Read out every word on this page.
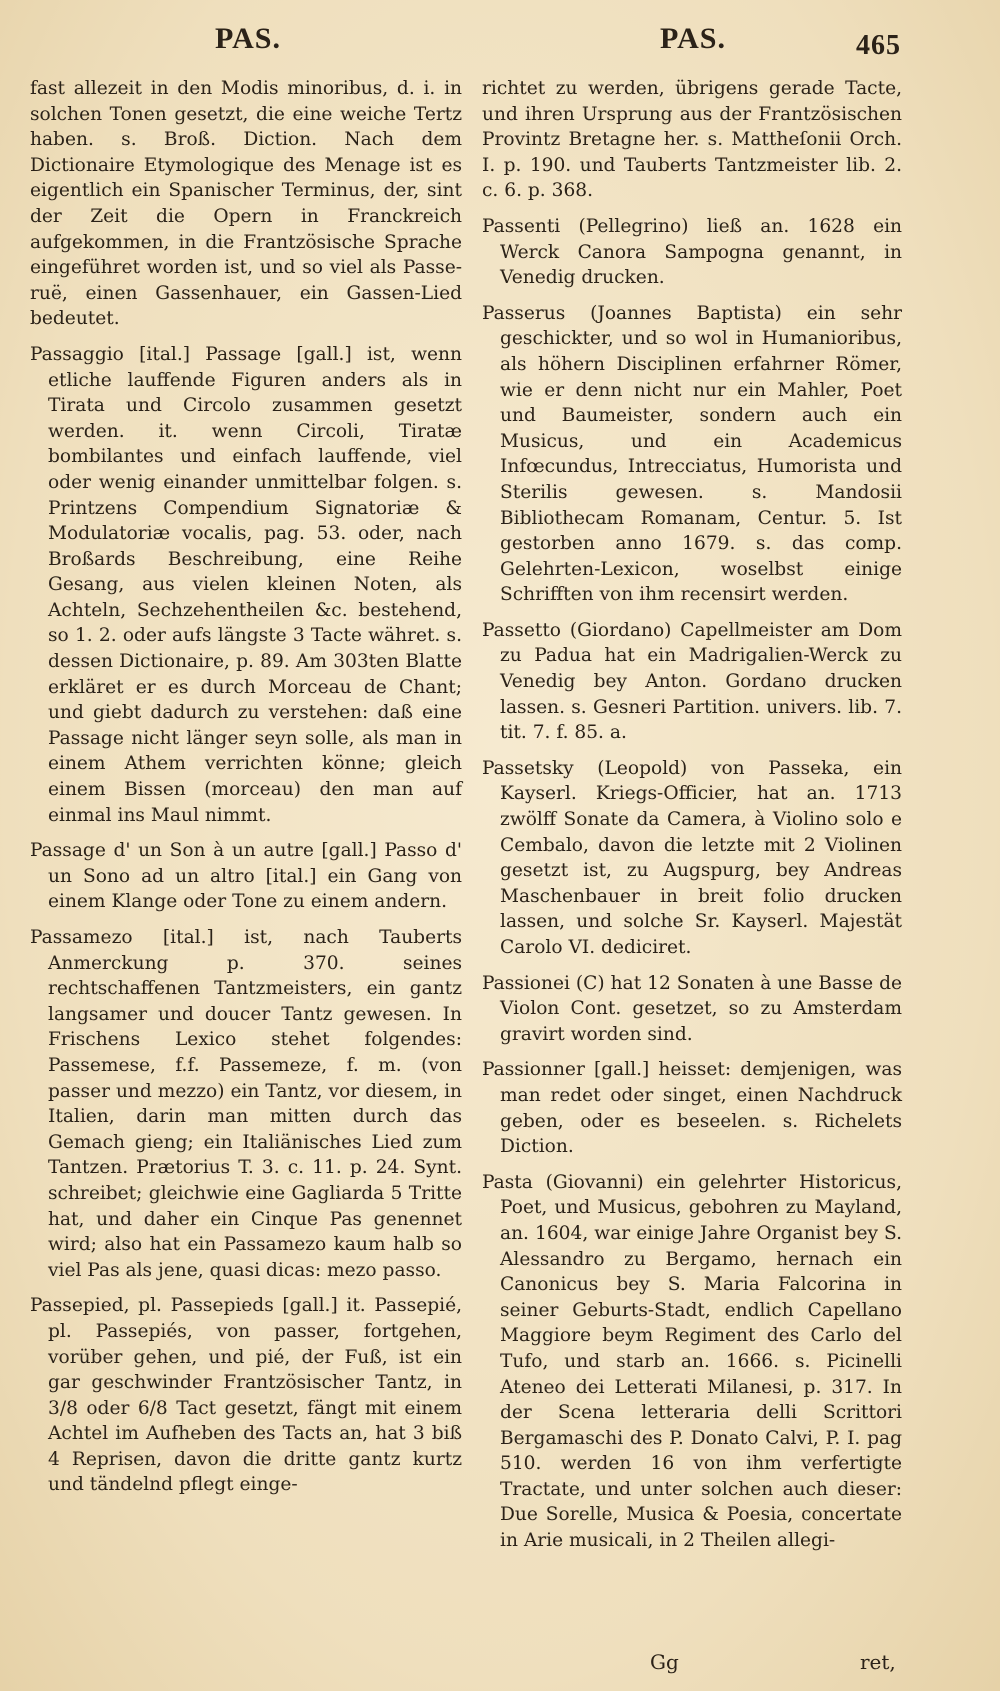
PAS.	PAS.	465

fast allezeit in den Modis minoribus, d. i. in solchen Tonen gesetzt, die eine weiche Tertz haben. s. Broß. Diction. Nach dem Dictionaire Etymologique des Menage ist es eigentlich ein Spanischer Terminus, der, sint der Zeit die Opern in Franckreich aufgekommen, in die Frantzösische Sprache eingeführet worden ist, und so viel als Passe-ruë, einen Gassenhauer, ein Gassen-Lied bedeutet.

Passaggio [ital.] Passage [gall.] ist, wenn etliche lauffende Figuren anders als in Tirata und Circolo zusammen gesetzt werden. it. wenn Circoli, Tiratæ bombilantes und einfach lauffende, viel oder wenig einander unmittelbar folgen. s. Printzens Compendium Signatoriæ & Modulatoriæ vocalis, pag. 53. oder, nach Broßards Beschreibung, eine Reihe Gesang, aus vielen kleinen Noten, als Achteln, Sechzehentheilen &c. bestehend, so 1. 2. oder aufs längste 3 Tacte währet. s. dessen Dictionaire, p. 89. Am 303ten Blatte erkläret er es durch Morceau de Chant; und giebt dadurch zu verstehen: daß eine Passage nicht länger seyn solle, als man in einem Athem verrichten könne; gleich einem Bissen (morceau) den man auf einmal ins Maul nimmt.

Passage d' un Son à un autre [gall.] Passo d' un Sono ad un altro [ital.] ein Gang von einem Klange oder Tone zu einem andern.

Passamezo [ital.] ist, nach Tauberts Anmerckung p. 370. seines rechtschaffenen Tantzmeisters, ein gantz langsamer und doucer Tantz gewesen. In Frischens Lexico stehet folgendes: Passemese, f.f. Passemeze, f. m. (von passer und mezzo) ein Tantz, vor diesem, in Italien, darin man mitten durch das Gemach gieng; ein Italiänisches Lied zum Tantzen. Prætorius T. 3. c. 11. p. 24. Synt. schreibet; gleichwie eine Gagliarda 5 Tritte hat, und daher ein Cinque Pas genennet wird; also hat ein Passamezo kaum halb so viel Pas als jene, quasi dicas: mezo passo.

Passepied, pl. Passepieds [gall.] it. Passepié, pl. Passepiés, von passer, fortgehen, vorüber gehen, und pié, der Fuß, ist ein gar geschwinder Frantzösischer Tantz, in 3/8 oder 6/8 Tact gesetzt, fängt mit einem Achtel im Aufheben des Tacts an, hat 3 biß 4 Reprisen, davon die dritte gantz kurtz und tändelnd pflegt einge-

richtet zu werden, übrigens gerade Tacte, und ihren Ursprung aus der Frantzösischen Provintz Bretagne her. s. Mattheſonii Orch. I. p. 190. und Tauberts Tantzmeister lib. 2. c. 6. p. 368.

Passenti (Pellegrino) ließ an. 1628 ein Werck Canora Sampogna genannt, in Venedig drucken.

Passerus (Joannes Baptista) ein sehr geschickter, und so wol in Humanioribus, als höhern Disciplinen erfahrner Römer, wie er denn nicht nur ein Mahler, Poet und Baumeister, sondern auch ein Musicus, und ein Academicus Infœcundus, Intrecciatus, Humorista und Sterilis gewesen. s. Mandosii Bibliothecam Romanam, Centur. 5. Ist gestorben anno 1679. s. das comp. Gelehrten-Lexicon, woselbst einige Schrifften von ihm recensirt werden.

Passetto (Giordano) Capellmeister am Dom zu Padua hat ein Madrigalien-Werck zu Venedig bey Anton. Gordano drucken lassen. s. Gesneri Partition. univers. lib. 7. tit. 7. f. 85. a.

Passetsky (Leopold) von Passeka, ein Kayserl. Kriegs-Officier, hat an. 1713 zwölff Sonate da Camera, à Violino solo e Cembalo, davon die letzte mit 2 Violinen gesetzt ist, zu Augspurg, bey Andreas Maschenbauer in breit folio drucken lassen, und solche Sr. Kayserl. Majestät Carolo VI. dediciret.

Passionei (C) hat 12 Sonaten à une Basse de Violon Cont. gesetzet, so zu Amsterdam gravirt worden sind.

Passionner [gall.] heisset: demjenigen, was man redet oder singet, einen Nachdruck geben, oder es beseelen. s. Richelets Diction.

Pasta (Giovanni) ein gelehrter Historicus, Poet, und Musicus, gebohren zu Mayland, an. 1604, war einige Jahre Organist bey S. Alessandro zu Bergamo, hernach ein Canonicus bey S. Maria Falcorina in seiner Geburts-Stadt, endlich Capellano Maggiore beym Regiment des Carlo del Tufo, und starb an. 1666. s. Picinelli Ateneo dei Letterati Milanesi, p. 317. In der Scena letteraria delli Scrittori Bergamaschi des P. Donato Calvi, P. I. pag 510. werden 16 von ihm verfertigte Tractate, und unter solchen auch dieser: Due Sorelle, Musica & Poesia, concertate in Arie musicali, in 2 Theilen allegi-

Gg	ret,
